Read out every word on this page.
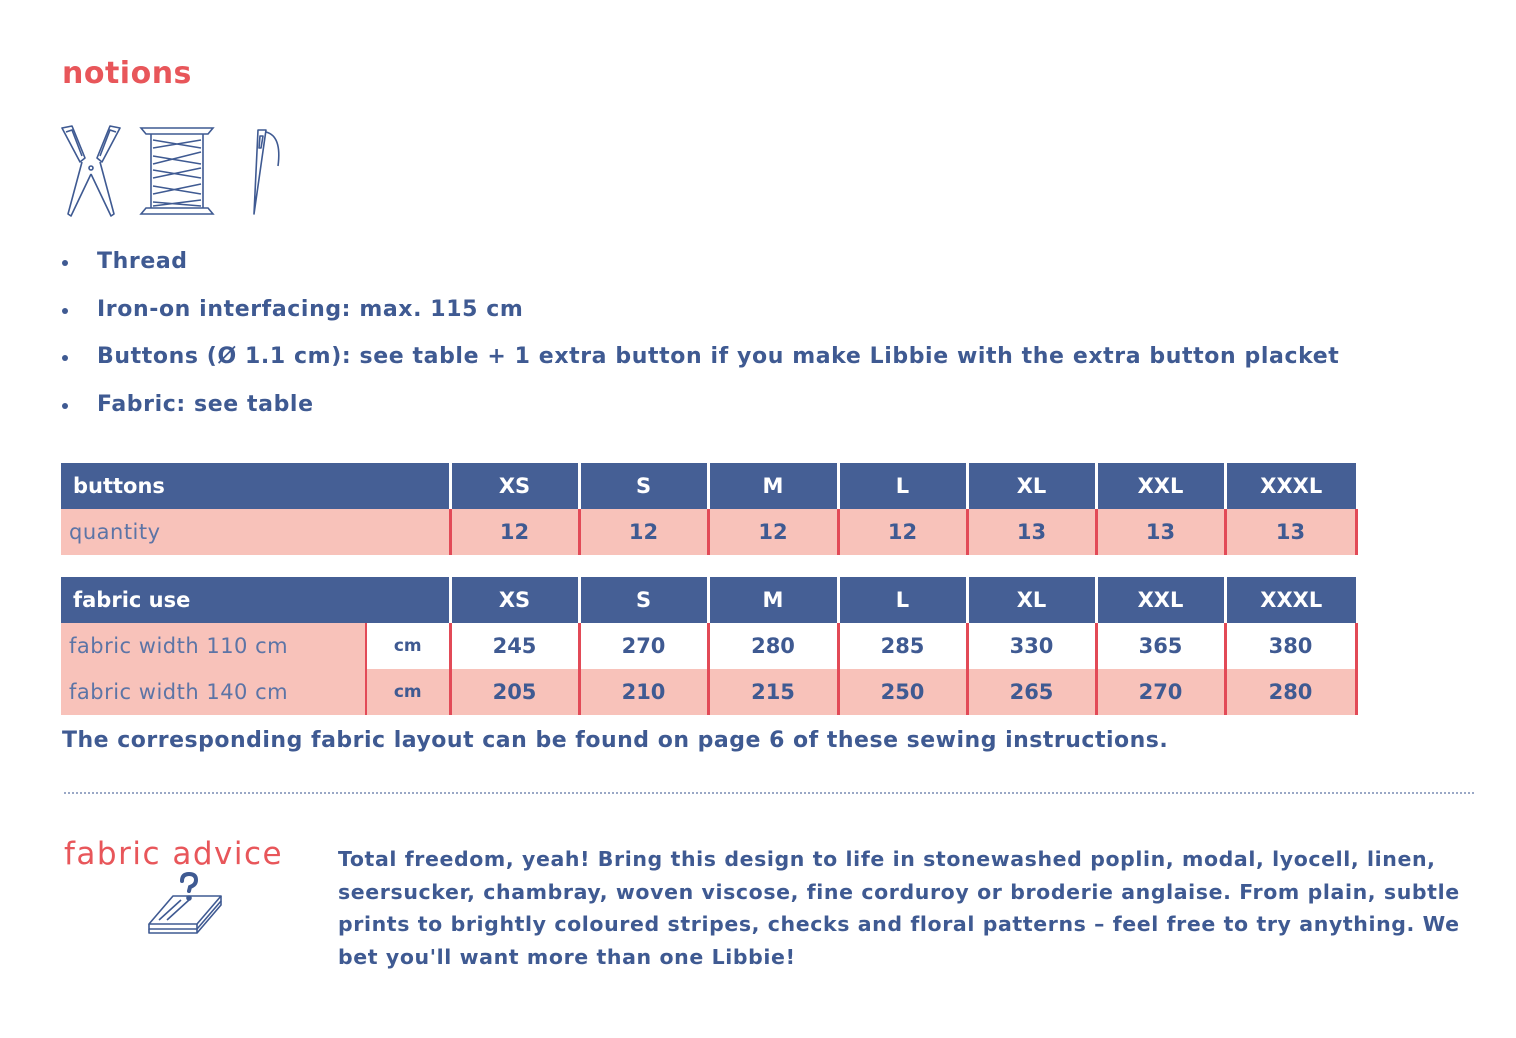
notions
Thread
Iron-on interfacing: max. 115 cm
Buttons (Ø 1.1 cm): see table + 1 extra button if you make Libbie with the extra button placket
Fabric: see table
buttons	XS	S	M	L	XL	XXL	XXXL
quantity	12	12	12	12	13	13	13
fabric use		XS	S	M	L	XL	XXL	XXXL
fabric width 110 cm	cm	245	270	280	285	330	365	380
fabric width 140 cm	cm	205	210	215	250	265	270	280

The corresponding fabric layout can be found on page 6 of these sewing instructions.

fabric advice	Total freedom, yeah! Bring this design to life in stonewashed poplin, modal, lyocell, linen, seersucker, chambray, woven viscose, fine corduroy or broderie anglaise. From plain, subtle prints to brightly coloured stripes, checks and floral patterns – feel free to try anything. We bet you'll want more than one Libbie!
